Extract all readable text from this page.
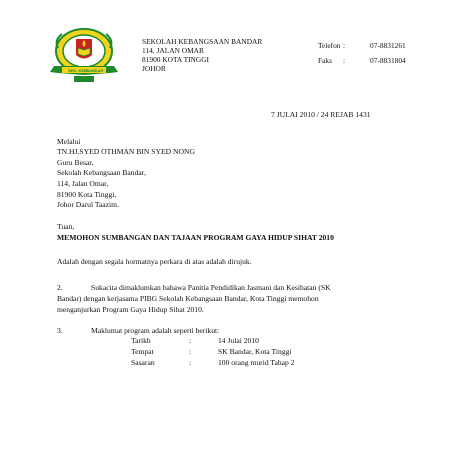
SEK. KEB.
BANDAR
SEKOLAH KEBANGSAAN BANDAR
114, JALAN OMAR
81900 KOTA TINGGI
JOHOR
Telefon :	07-8831261
Faks :	07-8831804
7 JULAI 2010 / 24 REJAB 1431
Melalui
TN.HJ.SYED OTHMAN BIN SYED NONG
Guru Besar,
Sekolah Kebangsaan Bandar,
114, Jalan Omar,
81900 Kota Tinggi,
Johor Darul Taazim.
Tuan,
MEMOHON SUMBANGAN DAN TAJAAN PROGRAM GAYA HIDUP SIHAT 2010
Adalah dengan segala hormatnya perkara di atas adalah dirujuk.
2.	Sukacita dimaklumkan bahawa Panitia Pendidikan Jasmani dan Kesihatan (SK
Bandar) dengan kerjasama PIBG Sekolah Kebangsaan Bandar, Kota Tinggi memohon
menganjurkan Program Gaya Hidup Sihat 2010.
3.	Maklumat program adalah seperti berikut:
Tarikh	:	14 Julai 2010
Tempat	:	SK Bandar, Kota Tinggi
Sasaran	:	100 orang murid Tahap 2
